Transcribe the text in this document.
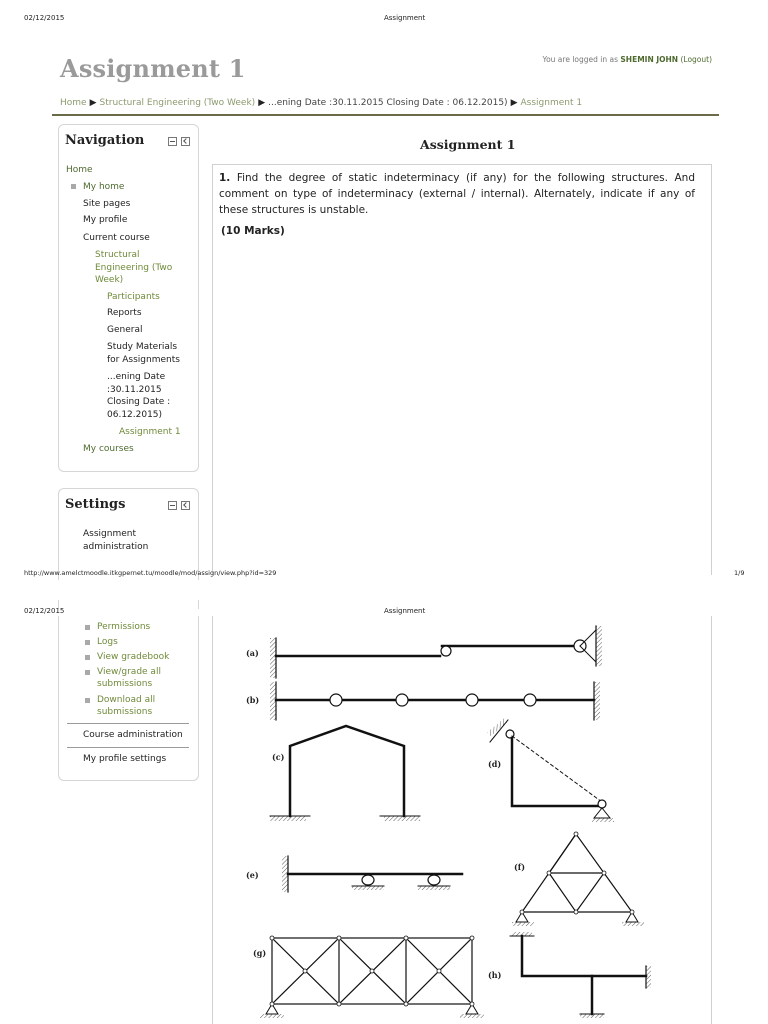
02/12/2015	Assignment
Assignment 1	You are logged in as SHEMIN JOHN (Logout)
Home ▶ Structural Engineering (Two Week) ▶ ...ening Date :30.11.2015 Closing Date : 06.12.2015) ▶ Assignment 1
Navigation
Home
My home
Site pages
My profile
Current course
Structural
Engineering (Two
Week)
Participants
Reports
General
Study Materials
for Assignments
...ening Date
:30.11.2015
Closing Date :
06.12.2015)
Assignment 1
My courses
Settings
Assignment
administration
Assignment 1
1. Find the degree of static indeterminacy (if any) for the following structures. And comment on type of indeterminacy (external / internal). Alternately, indicate if any of these structures is unstable.
(10 Marks)
http://www.amelctmoodle.itkgpernet.tu/moodle/mod/assign/view.php?id=329	1/9
02/12/2015	Assignment
Permissions
Logs
View gradebook
View/grade all
submissions
Download all
submissions
Course administration
My profile settings
(a)
(b)
(c)
(d)
(e)
(f)
(g)
(h)
